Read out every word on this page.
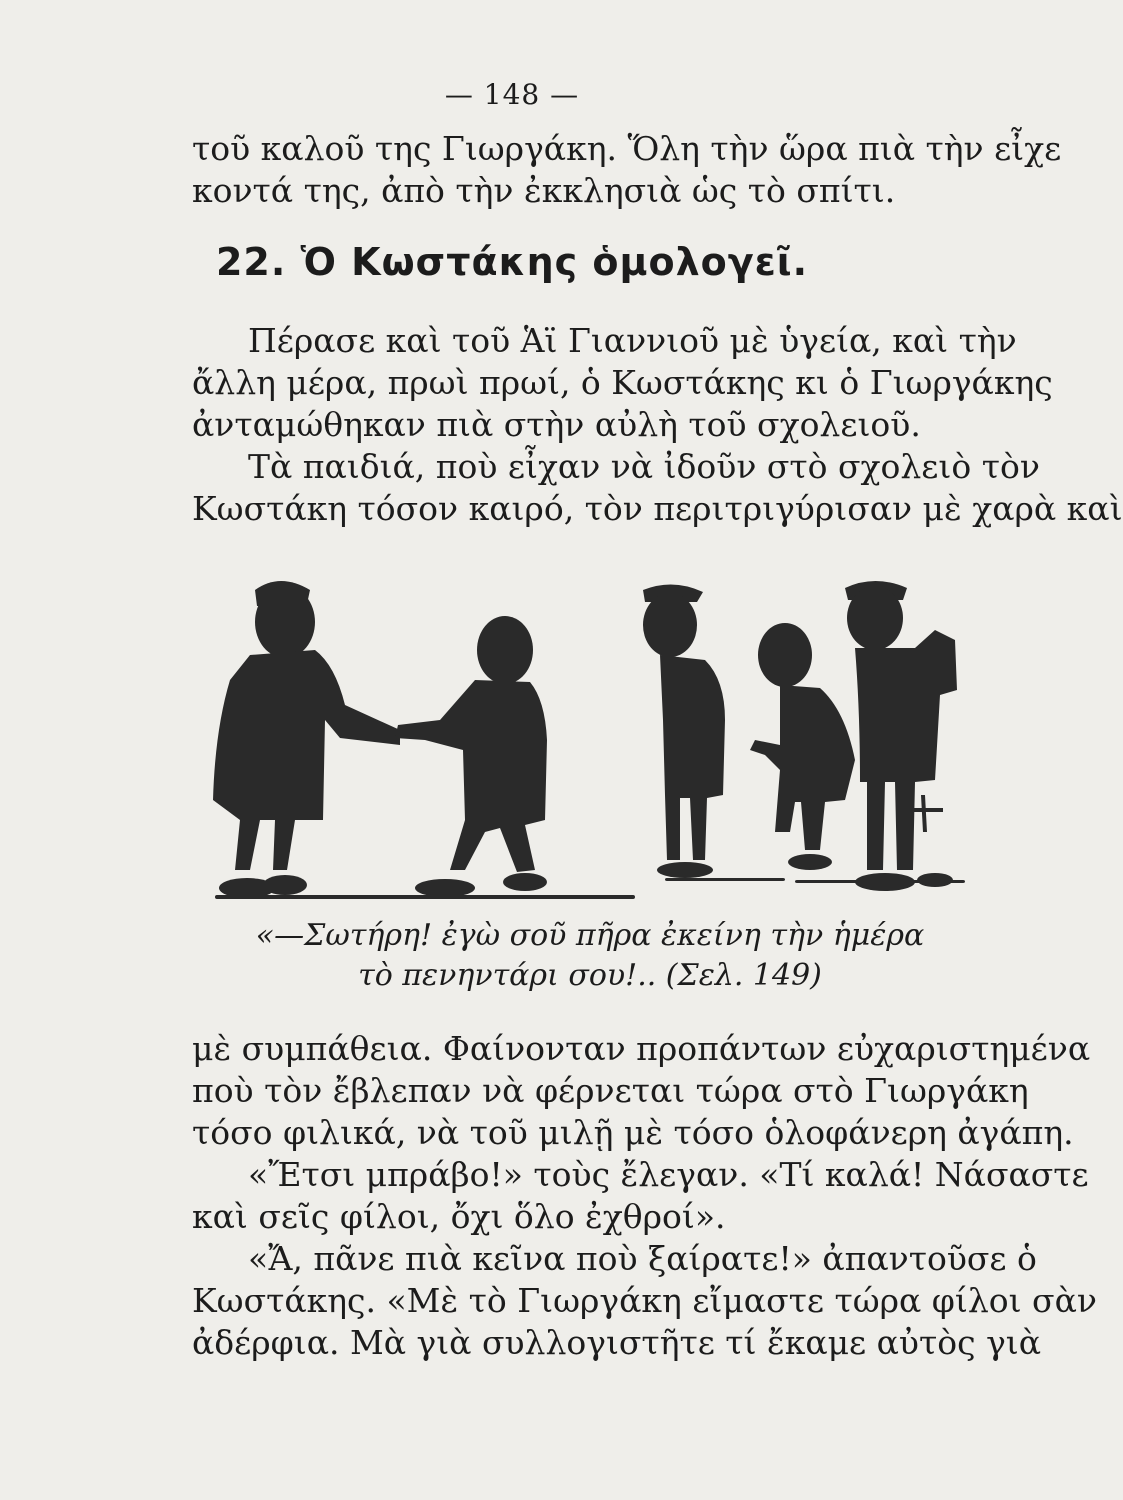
— 148 —
τοῦ καλοῦ της Γιωργάκη. Ὅλη τὴν ὥρα πιὰ τὴν εἶχε
κοντά της, ἀπὸ τὴν ἐκκλησιὰ ὡς τὸ σπίτι.
22. Ὁ Κωστάκης ὁμολογεῖ.
Πέρασε καὶ τοῦ Ἁϊ Γιαννιοῦ μὲ ὑγεία, καὶ τὴν
ἄλλη μέρα, πρωὶ πρωί, ὁ Κωστάκης κι ὁ Γιωργάκης
ἀνταμώθηκαν πιὰ στὴν αὐλὴ τοῦ σχολειοῦ.
Τὰ παιδιά, ποὺ εἶχαν νὰ ἰδοῦν στὸ σχολειὸ τὸν
Κωστάκη τόσον καιρό, τὸν περιτριγύρισαν μὲ χαρὰ καὶ
«—Σωτήρη! ἐγὼ σοῦ πῆρα ἐκείνη τὴν ἡμέρα
τὸ πενηντάρι σου!.. (Σελ. 149)
μὲ συμπάθεια. Φαίνονταν προπάντων εὐχαριστημένα
ποὺ τὸν ἔβλεπαν νὰ φέρνεται τώρα στὸ Γιωργάκη
τόσο φιλικά, νὰ τοῦ μιλῇ μὲ τόσο ὁλοφάνερη ἀγάπη.
«Ἔτσι μπράβο!» τοὺς ἔλεγαν. «Τί καλά! Νάσαστε
καὶ σεῖς φίλοι, ὄχι ὅλο ἐχθροί».
«Ἄ, πᾶνε πιὰ κεῖνα ποὺ ξαίρατε!» ἀπαντοῦσε ὁ
Κωστάκης. «Μὲ τὸ Γιωργάκη εἴμαστε τώρα φίλοι σὰν
ἀδέρφια. Μὰ γιὰ συλλογιστῆτε τί ἔκαμε αὐτὸς γιὰ
